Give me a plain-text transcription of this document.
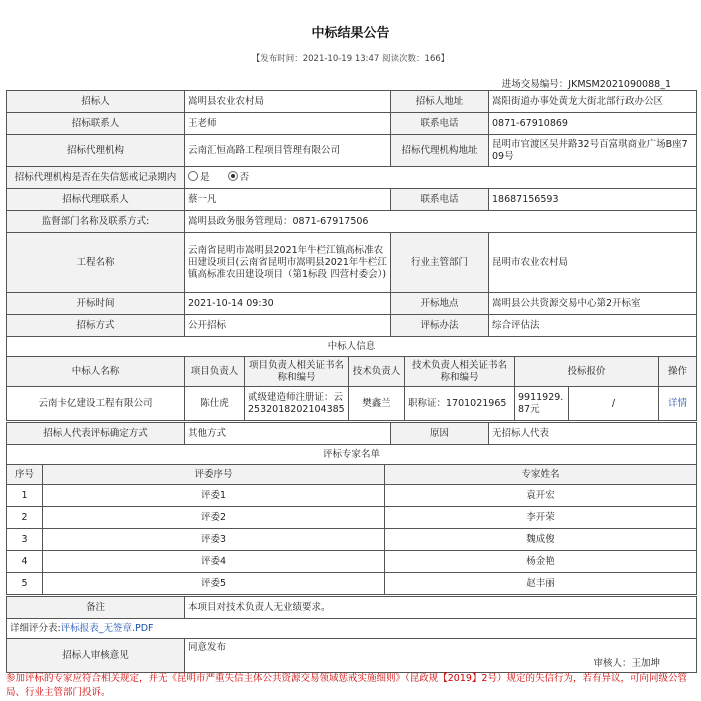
中标结果公告
【发布时间：2021-10-19 13:47 阅读次数：166】
进场交易编号：JKMSM2021090088_1
招标人	嵩明县农业农村局	招标人地址	嵩阳街道办事处黄龙大街北部行政办公区
招标联系人	王老师	联系电话	0871-67910869
招标代理机构	云南汇恒高路工程项目管理有限公司	招标代理机构地址	昆明市官渡区吴井路32号百富琪商业广场B座709号
招标代理机构是否在失信惩戒记录期内	是 否		
招标代理联系人	蔡一凡	联系电话	18687156593
监督部门名称及联系方式:	嵩明县政务服务管理局：0871-67917506		
工程名称	云南省昆明市嵩明县2021年牛栏江镇高标准农田建设项目(云南省昆明市嵩明县2021年牛栏江镇高标准农田建设项目（第1标段 四营村委会）)	行业主管部门	昆明市农业农村局
开标时间	2021-10-14 09:30	开标地点	嵩明县公共资源交易中心第2开标室
招标方式	公开招标	评标办法	综合评估法
中标人信息							
中标人名称	项目负责人	项目负责人相关证书名称和编号	技术负责人	技术负责人相关证书名称和编号	投标报价		操作
云南卡亿建设工程有限公司	陈仕虎	贰级建造师注册证：云2532018202104385	樊鑫兰	职称证：1701021965	9911929.87元	/	详情
招标人代表评标确定方式	其他方式	原因	无招标人代表
评标专家名单		
序号	评委序号	专家姓名
1	评委1	袁开宏
2	评委2	李开荣
3	评委3	魏成俊
4	评委4	杨金艳
5	评委5	赵丰丽
备注	本项目对技术负责人无业绩要求。
详细评分表:评标报表_无签章.PDF	
招标人审核意见	同意发布
审核人：王加坤
参加评标的专家应符合相关规定，并无《昆明市严重失信主体公共资源交易领域惩戒实施细则》（昆政规【2019】2号）规定的失信行为，若有异议，可向同级公管局、行业主管部门投诉。
